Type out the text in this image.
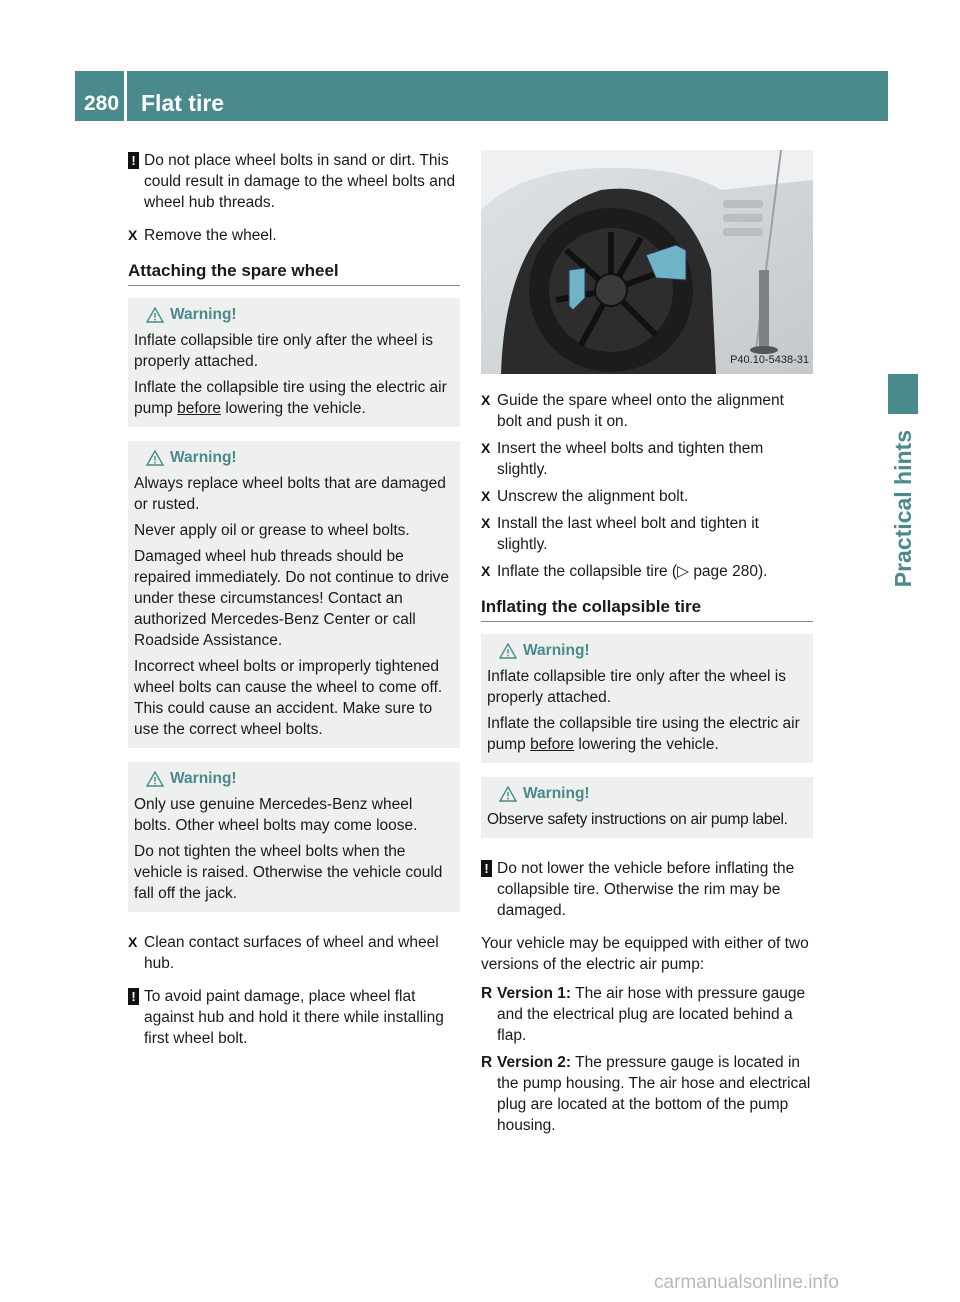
280 Flat tire
Practical hints
! Do not place wheel bolts in sand or dirt. This could result in damage to the wheel bolts and wheel hub threads.
X Remove the wheel.
Attaching the spare wheel
Warning!

Inflate collapsible tire only after the wheel is properly attached.

Inflate the collapsible tire using the electric air pump before lowering the vehicle.

Warning!

Always replace wheel bolts that are damaged or rusted.

Never apply oil or grease to wheel bolts.

Damaged wheel hub threads should be repaired immediately. Do not continue to drive under these circumstances! Contact an authorized Mercedes-Benz Center or call Roadside Assistance.

Incorrect wheel bolts or improperly tightened wheel bolts can cause the wheel to come off. This could cause an accident. Make sure to use the correct wheel bolts.

Warning!

Only use genuine Mercedes-Benz wheel bolts. Other wheel bolts may come loose.

Do not tighten the wheel bolts when the vehicle is raised. Otherwise the vehicle could fall off the jack.

X Clean contact surfaces of wheel and wheel hub.
! To avoid paint damage, place wheel flat against hub and hold it there while installing first wheel bolt.
P40.10-5438-31
X Guide the spare wheel onto the alignment bolt and push it on.
X Insert the wheel bolts and tighten them slightly.
X Unscrew the alignment bolt.
X Install the last wheel bolt and tighten it slightly.
X Inflate the collapsible tire (▷ page 280).
Inflating the collapsible tire
Warning!

Inflate collapsible tire only after the wheel is properly attached.

Inflate the collapsible tire using the electric air pump before lowering the vehicle.

Warning!

Observe safety instructions on air pump label.

! Do not lower the vehicle before inflating the collapsible tire. Otherwise the rim may be damaged.

Your vehicle may be equipped with either of two versions of the electric air pump:

R Version 1: The air hose with pressure gauge and the electrical plug are located behind a flap.
R Version 2: The pressure gauge is located in the pump housing. The air hose and electrical plug are located at the bottom of the pump housing.
carmanualsonline.info
